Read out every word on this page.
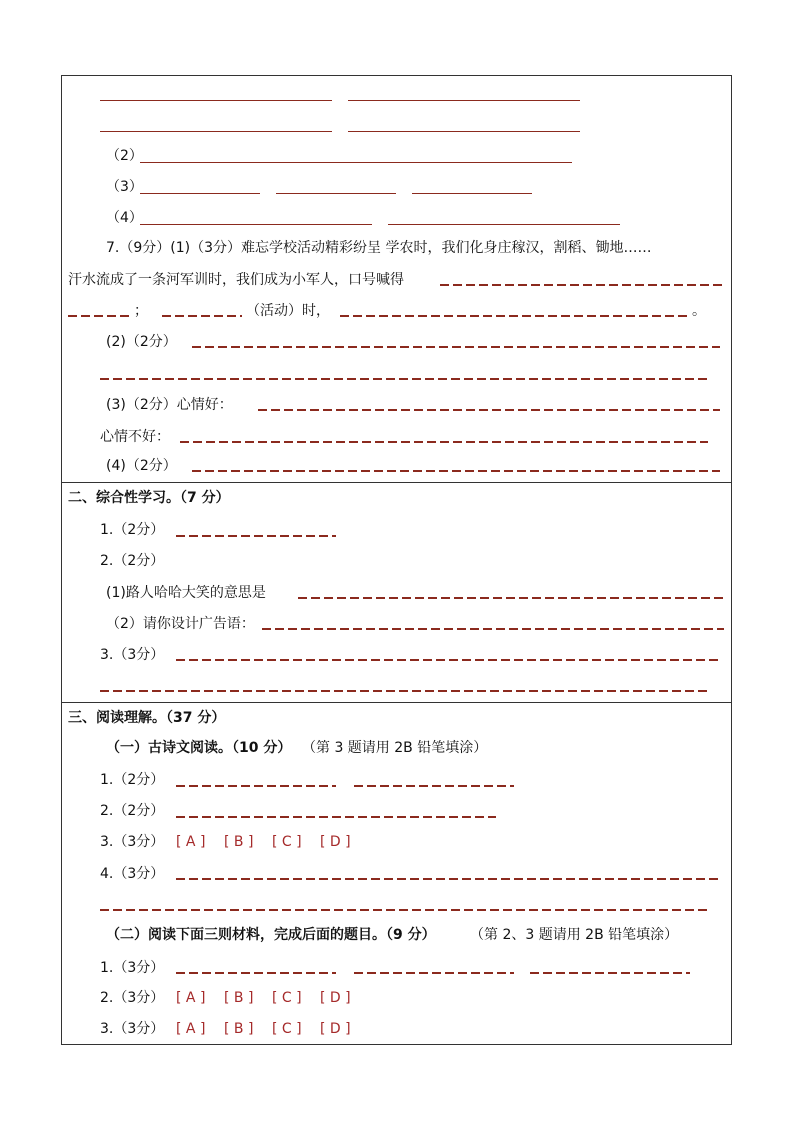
（2）
（3）
（4）
7.（9分）(1)（3分）难忘学校活动精彩纷呈 学农时，我们化身庄稼汉，割稻、锄地……
汗水流成了一条河军训时，我们成为小军人，口号喊得
；	（活动）时，	。
(2)（2分）
(3)（2分）心情好：
心情不好：
(4)（2分）
二、综合性学习。（7 分）
1.（2分）
2.（2分）
(1)路人哈哈大笑的意思是
（2）请你设计广告语：
3.（3分）
三、阅读理解。（37 分）
（一）古诗文阅读。（10 分） （第 3 题请用 2B 铅笔填涂）
1.（2分）
2.（2分）
3.（3分） [ A ] [ B ] [ C ] [ D ]
4.（3分）
（二）阅读下面三则材料，完成后面的题目。（9 分） （第 2、3 题请用 2B 铅笔填涂）
1.（3分）
2.（3分） [ A ] [ B ] [ C ] [ D ]
3.（3分） [ A ] [ B ] [ C ] [ D ]
